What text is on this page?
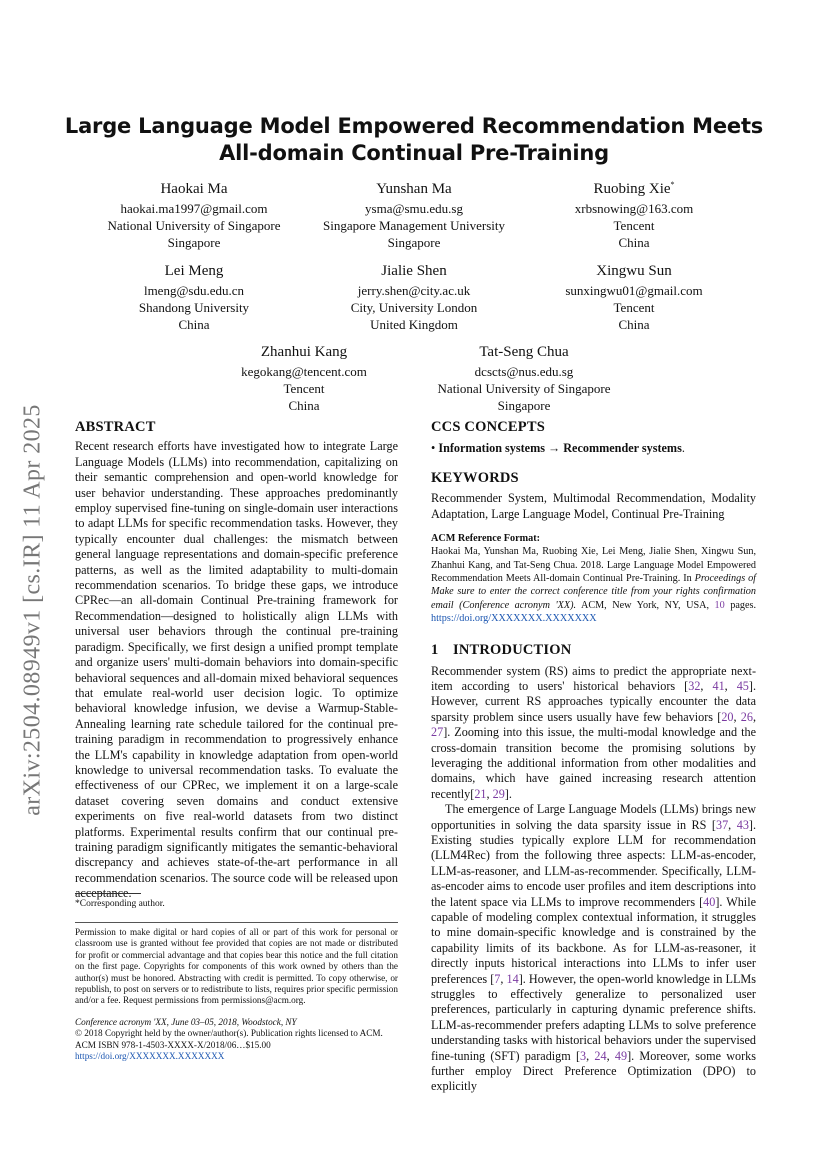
Large Language Model Empowered Recommendation Meets
All-domain Continual Pre-Training
arXiv:2504.08949v1 [cs.IR] 11 Apr 2025
Haokai Ma
haokai.ma1997@gmail.com
National University of Singapore
Singapore
Yunshan Ma
ysma@smu.edu.sg
Singapore Management University
Singapore
Ruobing Xie*
xrbsnowing@163.com
Tencent
China
Lei Meng
lmeng@sdu.edu.cn
Shandong University
China
Jialie Shen
jerry.shen@city.ac.uk
City, University London
United Kingdom
Xingwu Sun
sunxingwu01@gmail.com
Tencent
China
Zhanhui Kang
kegokang@tencent.com
Tencent
China
Tat-Seng Chua
dcscts@nus.edu.sg
National University of Singapore
Singapore
ABSTRACT
Recent research efforts have investigated how to integrate Large Language Models (LLMs) into recommendation, capitalizing on their semantic comprehension and open-world knowledge for user behavior understanding. These approaches predominantly employ supervised fine-tuning on single-domain user interactions to adapt LLMs for specific recommendation tasks. However, they typically encounter dual challenges: the mismatch between general language representations and domain-specific preference patterns, as well as the limited adaptability to multi-domain recommendation scenarios. To bridge these gaps, we introduce CPRec—an all-domain Continual Pre-training framework for Recommendation—designed to holistically align LLMs with universal user behaviors through the continual pre-training paradigm. Specifically, we first design a unified prompt template and organize users' multi-domain behaviors into domain-specific behavioral sequences and all-domain mixed behavioral sequences that emulate real-world user decision logic. To optimize behavioral knowledge infusion, we devise a Warmup-Stable-Annealing learning rate schedule tailored for the continual pre-training paradigm in recommendation to progressively enhance the LLM's capability in knowledge adaptation from open-world knowledge to universal recommendation tasks. To evaluate the effectiveness of our CPRec, we implement it on a large-scale dataset covering seven domains and conduct extensive experiments on five real-world datasets from two distinct platforms. Experimental results confirm that our continual pre-training paradigm significantly mitigates the semantic-behavioral discrepancy and achieves state-of-the-art performance in all recommendation scenarios. The source code will be released upon acceptance.
*Corresponding author.
Permission to make digital or hard copies of all or part of this work for personal or classroom use is granted without fee provided that copies are not made or distributed for profit or commercial advantage and that copies bear this notice and the full citation on the first page. Copyrights for components of this work owned by others than the author(s) must be honored. Abstracting with credit is permitted. To copy otherwise, or republish, to post on servers or to redistribute to lists, requires prior specific permission and/or a fee. Request permissions from permissions@acm.org.
Conference acronym 'XX, June 03–05, 2018, Woodstock, NY
© 2018 Copyright held by the owner/author(s). Publication rights licensed to ACM.
ACM ISBN 978-1-4503-XXXX-X/2018/06…$15.00
https://doi.org/XXXXXXX.XXXXXXX
CCS CONCEPTS
• Information systems → Recommender systems.
KEYWORDS
Recommender System, Multimodal Recommendation, Modality Adaptation, Large Language Model, Continual Pre-Training
ACM Reference Format:
Haokai Ma, Yunshan Ma, Ruobing Xie, Lei Meng, Jialie Shen, Xingwu Sun, Zhanhui Kang, and Tat-Seng Chua. 2018. Large Language Model Empowered Recommendation Meets All-domain Continual Pre-Training. In Proceedings of Make sure to enter the correct conference title from your rights confirmation email (Conference acronym 'XX). ACM, New York, NY, USA, 10 pages. https://doi.org/XXXXXXX.XXXXXXX
1 INTRODUCTION
Recommender system (RS) aims to predict the appropriate next-item according to users' historical behaviors [32, 41, 45]. However, current RS approaches typically encounter the data sparsity problem since users usually have few behaviors [20, 26, 27]. Zooming into this issue, the multi-modal knowledge and the cross-domain transition become the promising solutions by leveraging the additional information from other modalities and domains, which have gained increasing research attention recently[21, 29].
The emergence of Large Language Models (LLMs) brings new opportunities in solving the data sparsity issue in RS [37, 43]. Existing studies typically explore LLM for recommendation (LLM4Rec) from the following three aspects: LLM-as-encoder, LLM-as-reasoner, and LLM-as-recommender. Specifically, LLM-as-encoder aims to encode user profiles and item descriptions into the latent space via LLMs to improve recommenders [40]. While capable of modeling complex contextual information, it struggles to mine domain-specific knowledge and is constrained by the capability limits of its backbone. As for LLM-as-reasoner, it directly inputs historical interactions into LLMs to infer user preferences [7, 14]. However, the open-world knowledge in LLMs struggles to effectively generalize to personalized user preferences, particularly in capturing dynamic preference shifts. LLM-as-recommender prefers adapting LLMs to solve preference understanding tasks with historical behaviors under the supervised fine-tuning (SFT) paradigm [3, 24, 49]. Moreover, some works further employ Direct Preference Optimization (DPO) to explicitly
